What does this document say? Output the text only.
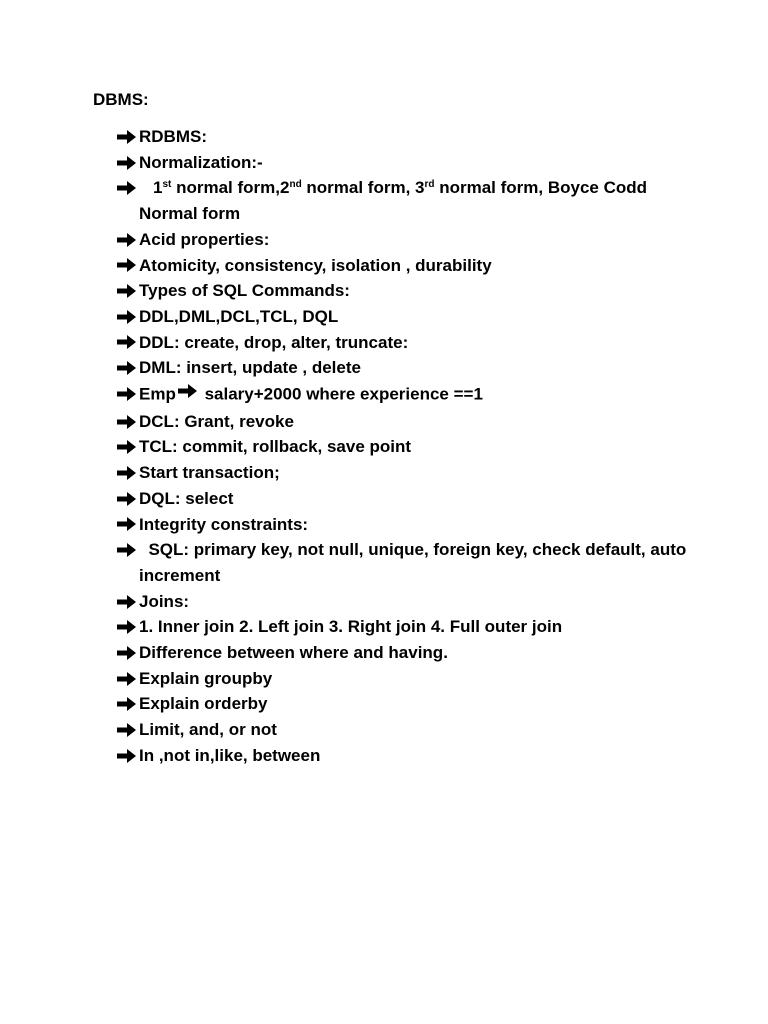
DBMS:
RDBMS:
Normalization:-
1st normal form,2nd normal form, 3rd normal form, Boyce Codd Normal form
Acid properties:
Atomicity, consistency, isolation , durability
Types of SQL Commands:
DDL,DML,DCL,TCL, DQL
DDL: create, drop, alter, truncate:
DML: insert, update , delete
Emp salary+2000 where experience ==1
DCL: Grant, revoke
TCL: commit, rollback, save point
Start transaction;
DQL: select
Integrity constraints:
SQL: primary key, not null, unique, foreign key, check default, auto increment
Joins:
1. Inner join 2. Left join 3. Right join 4. Full outer join
Difference between where and having.
Explain groupby
Explain orderby
Limit, and, or not
In ,not in,like, between
